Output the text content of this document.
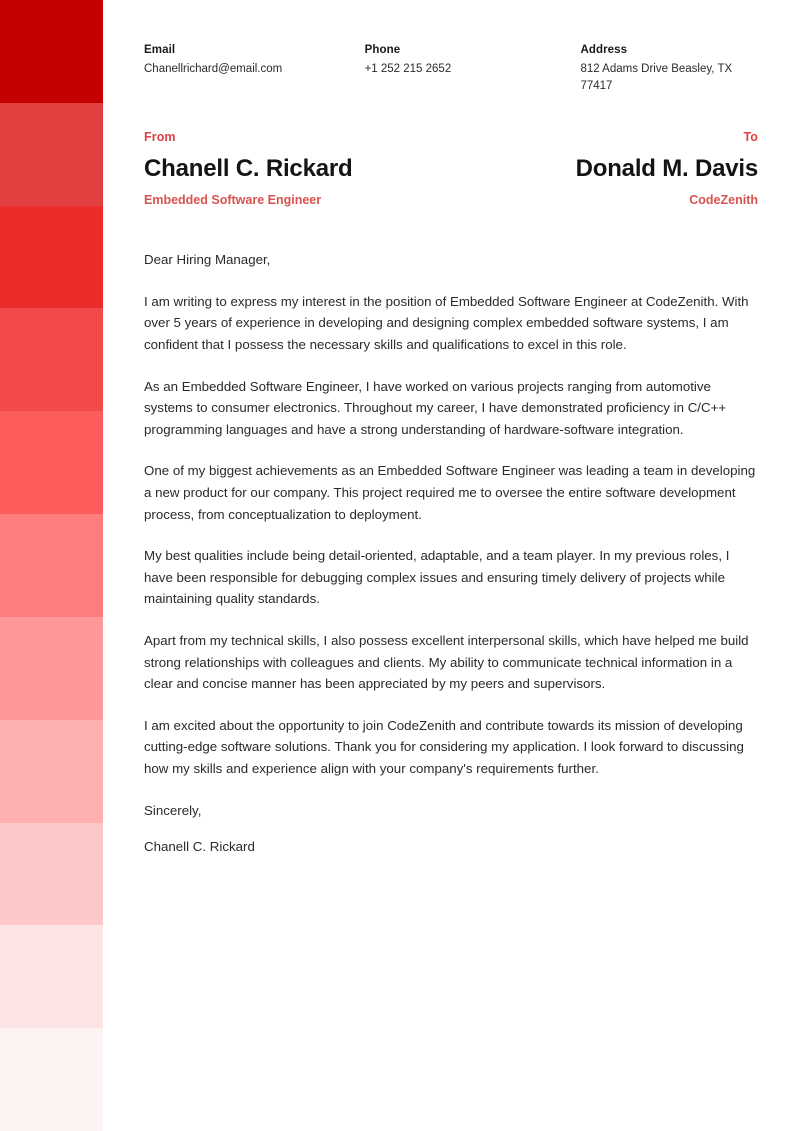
Email
Chanellrichard@email.com
Phone
+1 252 215 2652
Address
812 Adams Drive Beasley, TX 77417
From
Chanell C. Rickard
Embedded Software Engineer
To
Donald M. Davis
CodeZenith

Dear Hiring Manager,

I am writing to express my interest in the position of Embedded Software Engineer at CodeZenith. With over 5 years of experience in developing and designing complex embedded software systems, I am confident that I possess the necessary skills and qualifications to excel in this role.

As an Embedded Software Engineer, I have worked on various projects ranging from automotive systems to consumer electronics. Throughout my career, I have demonstrated proficiency in C/C++ programming languages and have a strong understanding of hardware-software integration.

One of my biggest achievements as an Embedded Software Engineer was leading a team in developing a new product for our company. This project required me to oversee the entire software development process, from conceptualization to deployment.

My best qualities include being detail-oriented, adaptable, and a team player. In my previous roles, I have been responsible for debugging complex issues and ensuring timely delivery of projects while maintaining quality standards.

Apart from my technical skills, I also possess excellent interpersonal skills, which have helped me build strong relationships with colleagues and clients. My ability to communicate technical information in a clear and concise manner has been appreciated by my peers and supervisors.

I am excited about the opportunity to join CodeZenith and contribute towards its mission of developing cutting-edge software solutions. Thank you for considering my application. I look forward to discussing how my skills and experience align with your company's requirements further.

Sincerely,

Chanell C. Rickard
